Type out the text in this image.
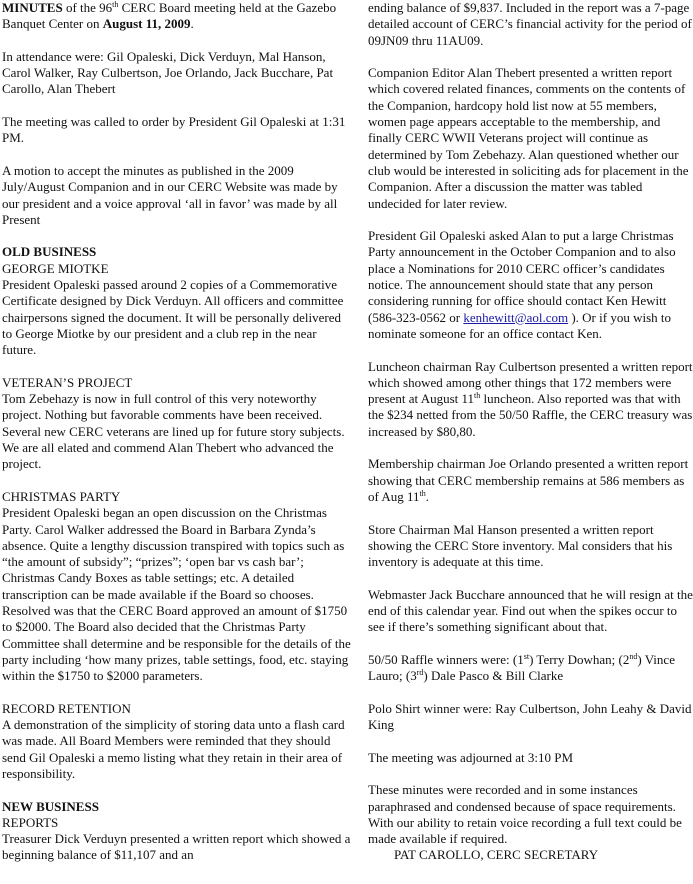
MINUTES of the 96th CERC Board meeting held at the Gazebo Banquet Center on August 11, 2009.
In attendance were: Gil Opaleski, Dick Verduyn, Mal Hanson, Carol Walker, Ray Culbertson, Joe Orlando, Jack Bucchare, Pat Carollo, Alan Thebert
The meeting was called to order by President Gil Opaleski at 1:31 PM.
A motion to accept the minutes as published in the 2009 July/August Companion and in our CERC Website was made by our president and a voice approval ‘all in favor’ was made by all Present
OLD BUSINESS
GEORGE MIOTKE
President Opaleski passed around 2 copies of a Commemorative Certificate designed by Dick Verduyn. All officers and committee chairpersons signed the document. It will be personally delivered to George Miotke by our president and a club rep in the near future.
VETERAN’S PROJECT
Tom Zebehazy is now in full control of this very noteworthy project. Nothing but favorable comments have been received. Several new CERC veterans are lined up for future story subjects. We are all elated and commend Alan Thebert who advanced the project.
CHRISTMAS PARTY
President Opaleski began an open discussion on the Christmas Party. Carol Walker addressed the Board in Barbara Zynda’s absence. Quite a lengthy discussion transpired with topics such as “the amount of subsidy”; “prizes”; ‘open bar vs cash bar’; Christmas Candy Boxes as table settings; etc. A detailed transcription can be made available if the Board so chooses. Resolved was that the CERC Board approved an amount of $1750 to $2000. The Board also decided that the Christmas Party Committee shall determine and be responsible for the details of the party including ‘how many prizes, table settings, food, etc. staying within the $1750 to $2000 parameters.
RECORD RETENTION
A demonstration of the simplicity of storing data unto a flash card was made. All Board Members were reminded that they should send Gil Opaleski a memo listing what they retain in their area of responsibility.
NEW BUSINESS
REPORTS
Treasurer Dick Verduyn presented a written report which showed a beginning balance of $11,107 and an
ending balance of $9,837. Included in the report was a 7-page detailed account of CERC’s financial activity for the period of 09JN09 thru 11AU09.
Companion Editor Alan Thebert presented a written report which covered related finances, comments on the contents of the Companion, hardcopy hold list now at 55 members, women page appears acceptable to the membership, and finally CERC WWII Veterans project will continue as determined by Tom Zebehazy. Alan questioned whether our club would be interested in soliciting ads for placement in the Companion. After a discussion the matter was tabled undecided for later review.
President Gil Opaleski asked Alan to put a large Christmas Party announcement in the October Companion and to also place a Nominations for 2010 CERC officer’s candidates notice. The announcement should state that any person considering running for office should contact Ken Hewitt (586-323-0562 or kenhewitt@aol.com ). Or if you wish to nominate someone for an office contact Ken.
Luncheon chairman Ray Culbertson presented a written report which showed among other things that 172 members were present at August 11th luncheon. Also reported was that with the $234 netted from the 50/50 Raffle, the CERC treasury was increased by $80,80.
Membership chairman Joe Orlando presented a written report showing that CERC membership remains at 586 members as of Aug 11th.
Store Chairman Mal Hanson presented a written report showing the CERC Store inventory. Mal considers that his inventory is adequate at this time.
Webmaster Jack Bucchare announced that he will resign at the end of this calendar year. Find out when the spikes occur to see if there’s something significant about that.
50/50 Raffle winners were: (1st) Terry Dowhan; (2nd) Vince Lauro; (3rd) Dale Pasco & Bill Clarke
Polo Shirt winner were: Ray Culbertson, John Leahy & David King
The meeting was adjourned at 3:10 PM
These minutes were recorded and in some instances paraphrased and condensed because of space requirements. With our ability to retain voice recording a full text could be made available if required.
PAT CAROLLO, CERC SECRETARY
